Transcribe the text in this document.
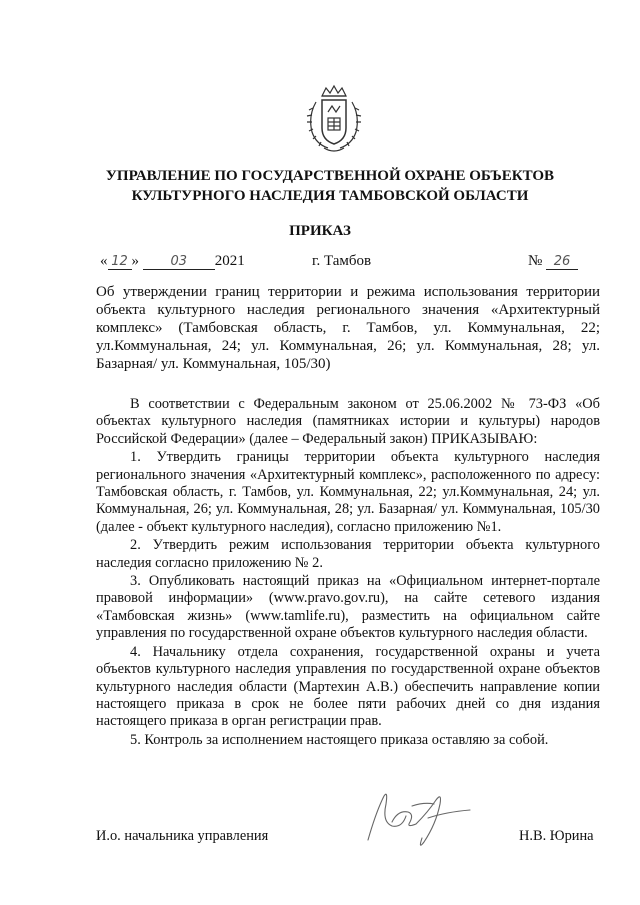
УПРАВЛЕНИЕ ПО ГОСУДАРСТВЕННОЙ ОХРАНЕ ОБЪЕКТОВ
КУЛЬТУРНОГО НАСЛЕДИЯ ТАМБОВСКОЙ ОБЛАСТИ
ПРИКАЗ
« 12 » 03 2021	г. Тамбов	№ 26
Об утверждении границ территории и режима использования территории объекта культурного наследия регионального значения «Архитектурный комплекс» (Тамбовская область, г. Тамбов, ул. Коммунальная, 22; ул.Коммунальная, 24; ул. Коммунальная, 26; ул. Коммунальная, 28; ул. Базарная/ ул. Коммунальная, 105/30)

В соответствии с Федеральным законом от 25.06.2002 № 73-ФЗ «Об объектах культурного наследия (памятниках истории и культуры) народов Российской Федерации» (далее – Федеральный закон) ПРИКАЗЫВАЮ:

1. Утвердить границы территории объекта культурного наследия регионального значения «Архитектурный комплекс», расположенного по адресу: Тамбовская область, г. Тамбов, ул. Коммунальная, 22; ул.Коммунальная, 24; ул. Коммунальная, 26; ул. Коммунальная, 28; ул. Базарная/ ул. Коммунальная, 105/30 (далее - объект культурного наследия), согласно приложению №1.

2. Утвердить режим использования территории объекта культурного наследия согласно приложению № 2.

3. Опубликовать настоящий приказ на «Официальном интернет-портале правовой информации» (www.pravo.gov.ru), на сайте сетевого издания «Тамбовская жизнь» (www.tamlife.ru), разместить на официальном сайте управления по государственной охране объектов культурного наследия области.

4. Начальнику отдела сохранения, государственной охраны и учета объектов культурного наследия управления по государственной охране объектов культурного наследия области (Мартехин А.В.) обеспечить направление копии настоящего приказа в срок не более пяти рабочих дней со дня издания настоящего приказа в орган регистрации прав.

5. Контроль за исполнением настоящего приказа оставляю за собой.

И.о. начальника управления	Н.В. Юрина
